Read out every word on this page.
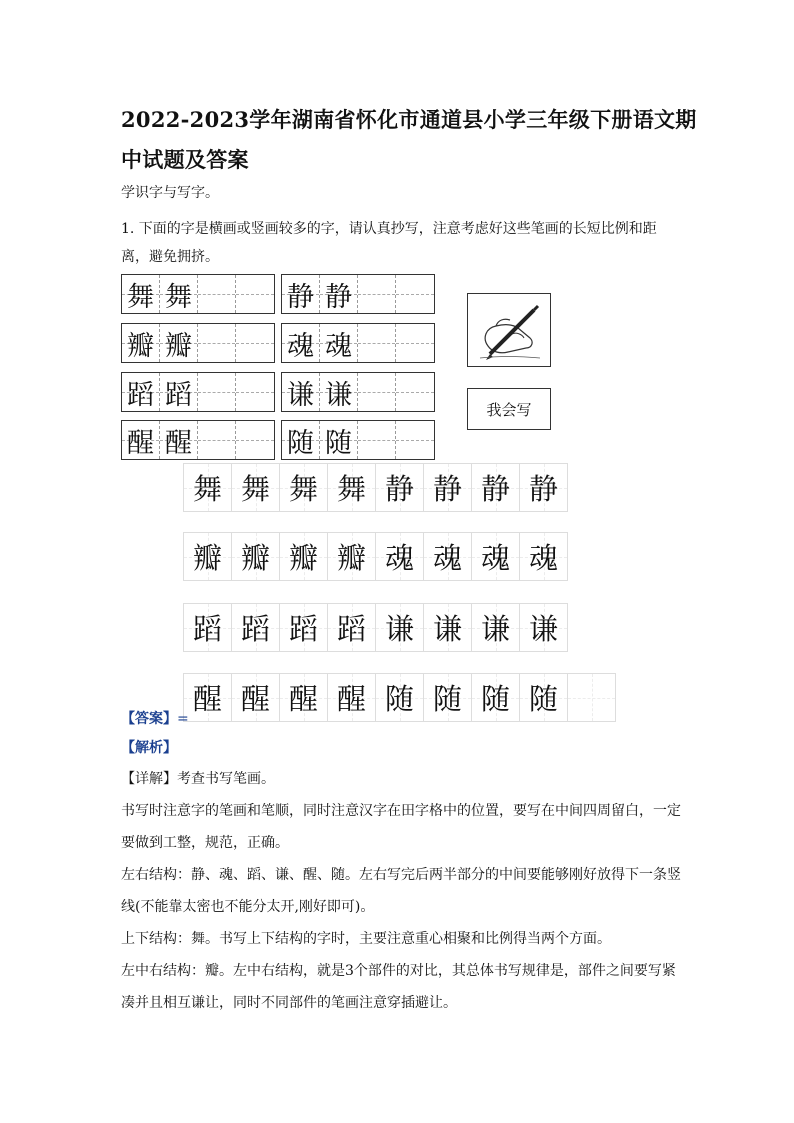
2022-2023学年湖南省怀化市通道县小学三年级下册语文期
中试题及答案
学识字与写字。
1. 下面的字是横画或竖画较多的字，请认真抄写，注意考虑好这些笔画的长短比例和距离，避免拥挤。
舞 舞	静 静
瓣 瓣	魂 魂
蹈 蹈	谦 谦
醒 醒	随 随
我会写
舞 舞 舞 舞 静 静 静 静
瓣 瓣 瓣 瓣 魂 魂 魂 魂
蹈 蹈 蹈 蹈 谦 谦 谦 谦
醒 醒 醒 醒 随 随 随 随
【答案】=
【解析】
【详解】考查书写笔画。
书写时注意字的笔画和笔顺，同时注意汉字在田字格中的位置，要写在中间四周留白，一定要做到工整，规范，正确。
左右结构：静、魂、蹈、谦、醒、随。左右写完后两半部分的中间要能够刚好放得下一条竖线(不能靠太密也不能分太开,刚好即可)。
上下结构：舞。书写上下结构的字时，主要注意重心相聚和比例得当两个方面。
左中右结构：瓣。左中右结构，就是3个部件的对比，其总体书写规律是，部件之间要写紧凑并且相互谦让，同时不同部件的笔画注意穿插避让。
